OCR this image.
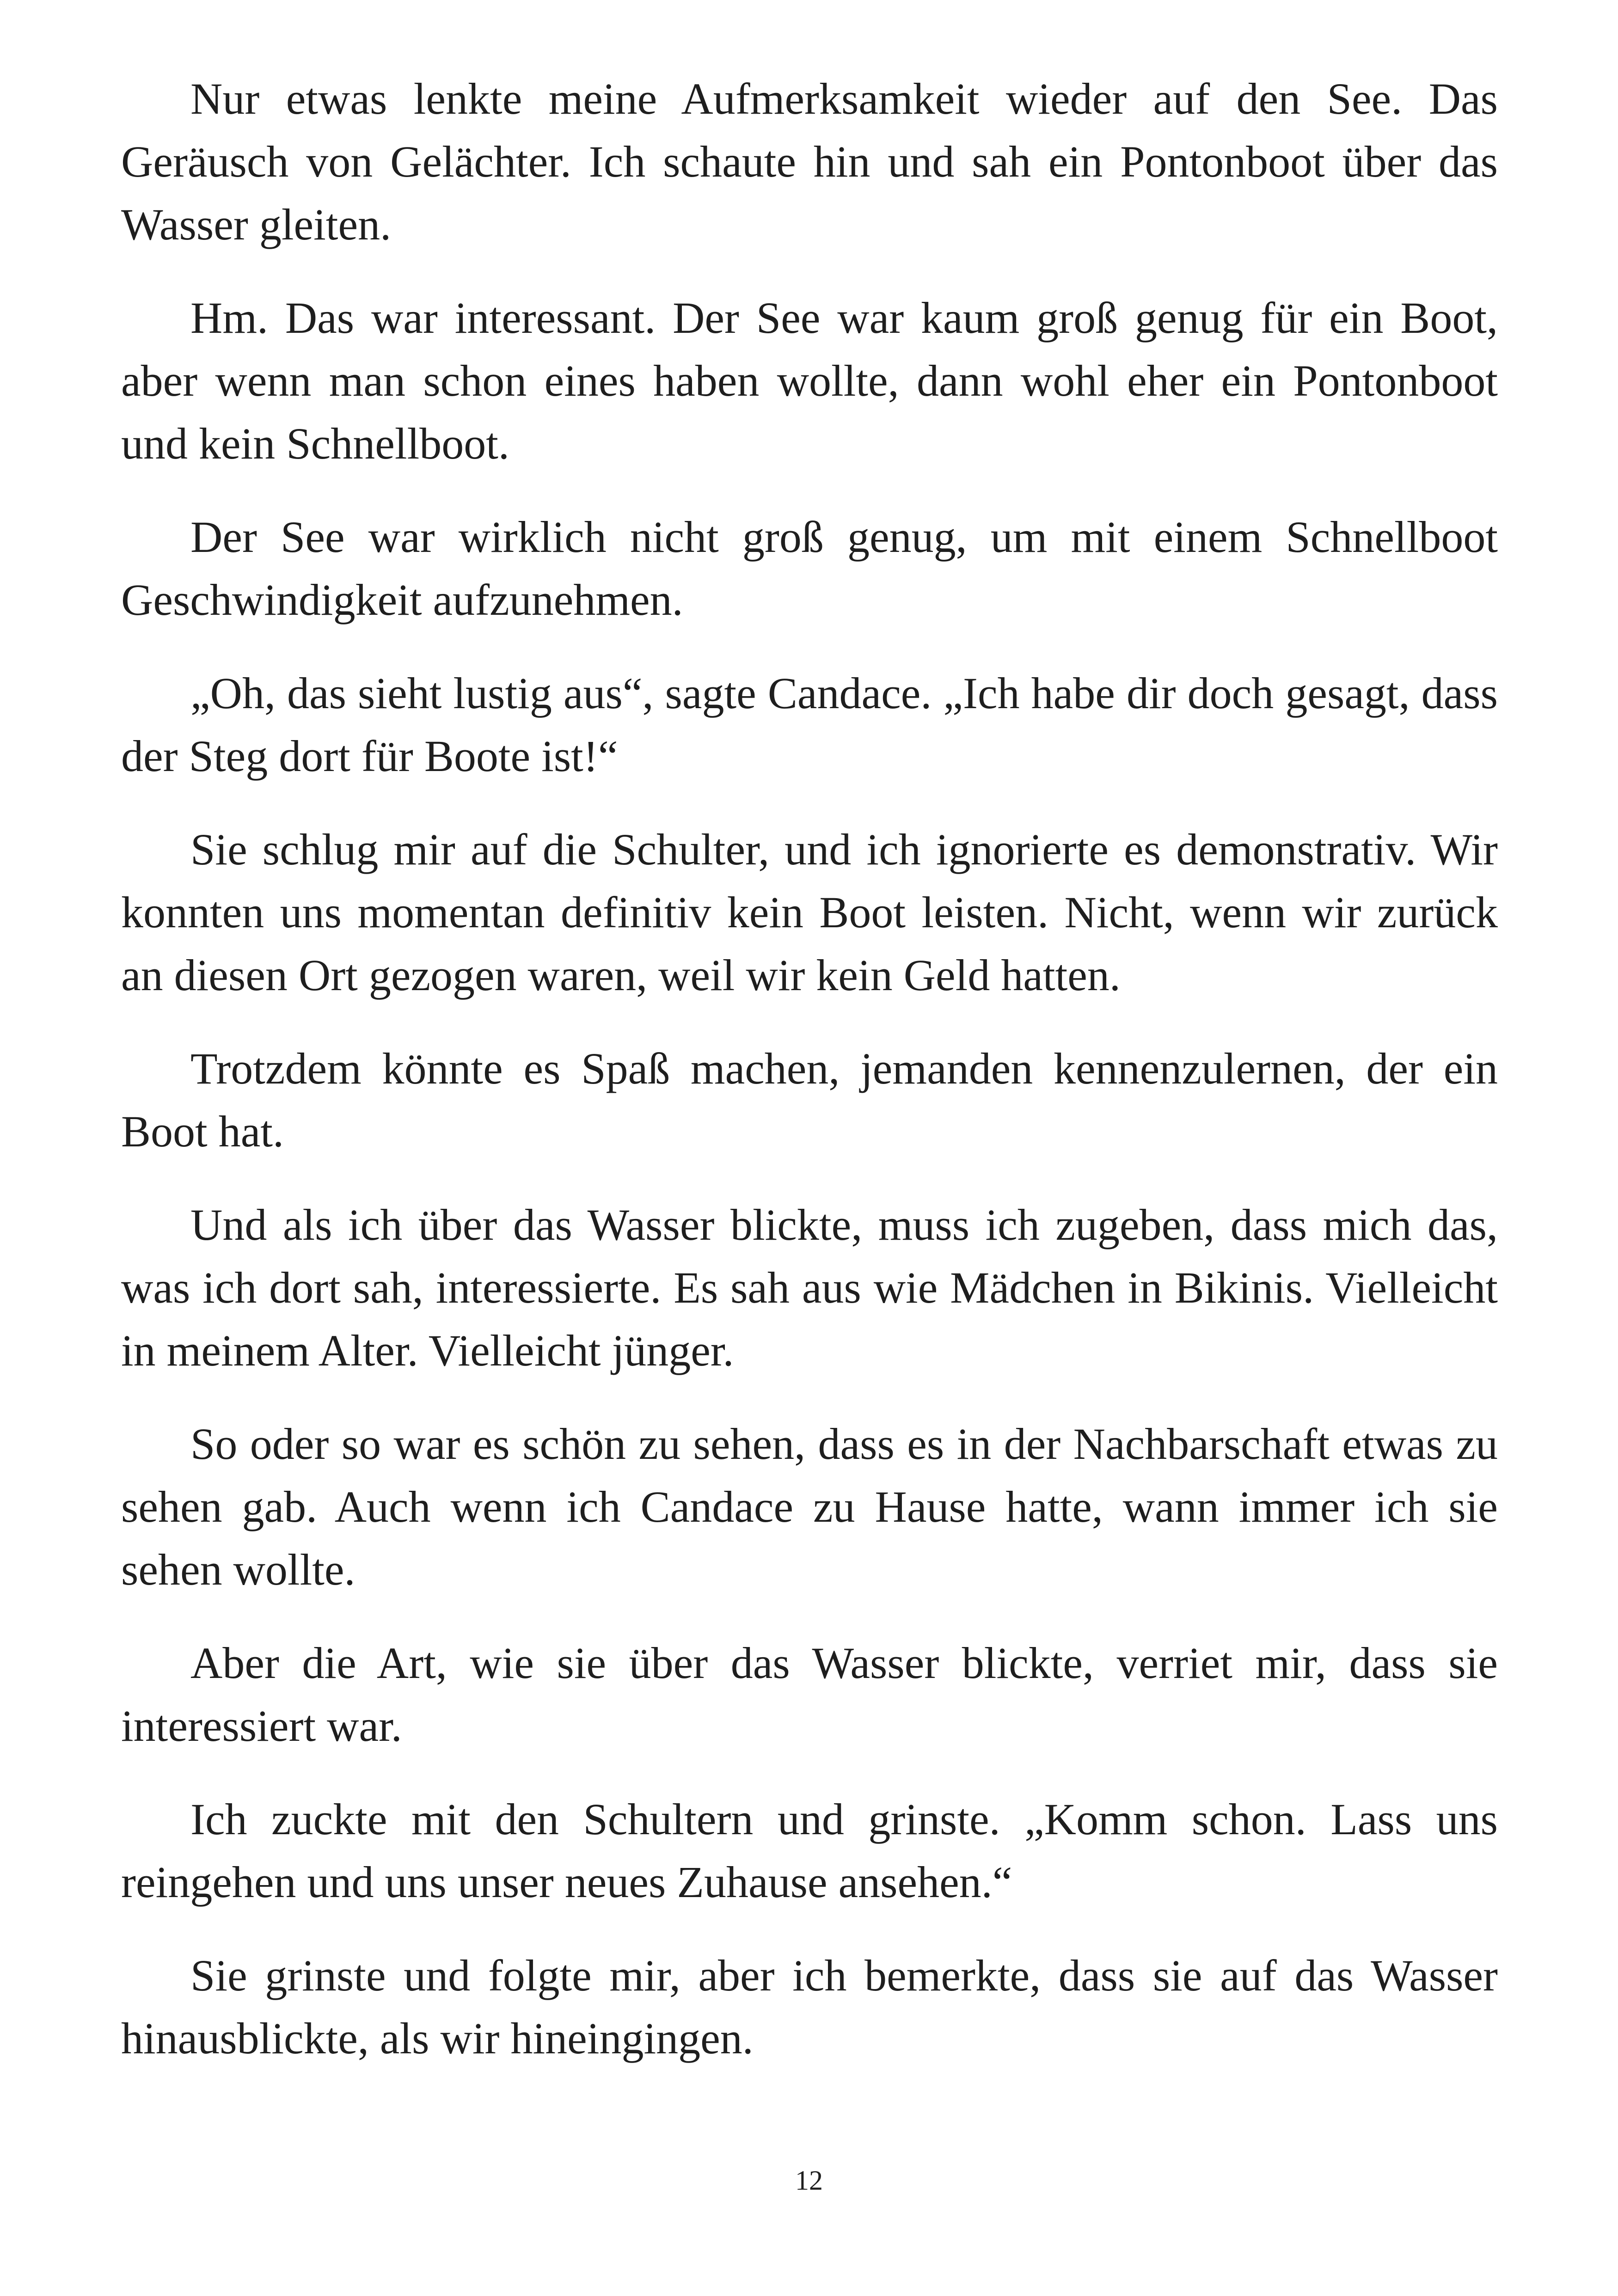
Nur etwas lenkte meine Aufmerksamkeit wieder auf den See. Das Geräusch von Gelächter. Ich schaute hin und sah ein Pontonboot über das Wasser gleiten.

Hm. Das war interessant. Der See war kaum groß genug für ein Boot, aber wenn man schon eines haben wollte, dann wohl eher ein Pontonboot und kein Schnellboot.

Der See war wirklich nicht groß genug, um mit einem Schnellboot Geschwindigkeit aufzunehmen.

„Oh, das sieht lustig aus“, sagte Candace. „Ich habe dir doch gesagt, dass der Steg dort für Boote ist!“

Sie schlug mir auf die Schulter, und ich ignorierte es demonstrativ. Wir konnten uns momentan definitiv kein Boot leisten. Nicht, wenn wir zurück an diesen Ort gezogen waren, weil wir kein Geld hatten.

Trotzdem könnte es Spaß machen, jemanden kennenzulernen, der ein Boot hat.

Und als ich über das Wasser blickte, muss ich zugeben, dass mich das, was ich dort sah, interessierte. Es sah aus wie Mädchen in Bikinis. Vielleicht in meinem Alter. Vielleicht jünger.

So oder so war es schön zu sehen, dass es in der Nachbarschaft etwas zu sehen gab. Auch wenn ich Candace zu Hause hatte, wann immer ich sie sehen wollte.

Aber die Art, wie sie über das Wasser blickte, verriet mir, dass sie interessiert war.

Ich zuckte mit den Schultern und grinste. „Komm schon. Lass uns reingehen und uns unser neues Zuhause ansehen.“

Sie grinste und folgte mir, aber ich bemerkte, dass sie auf das Wasser hinausblickte, als wir hineingingen.

12
